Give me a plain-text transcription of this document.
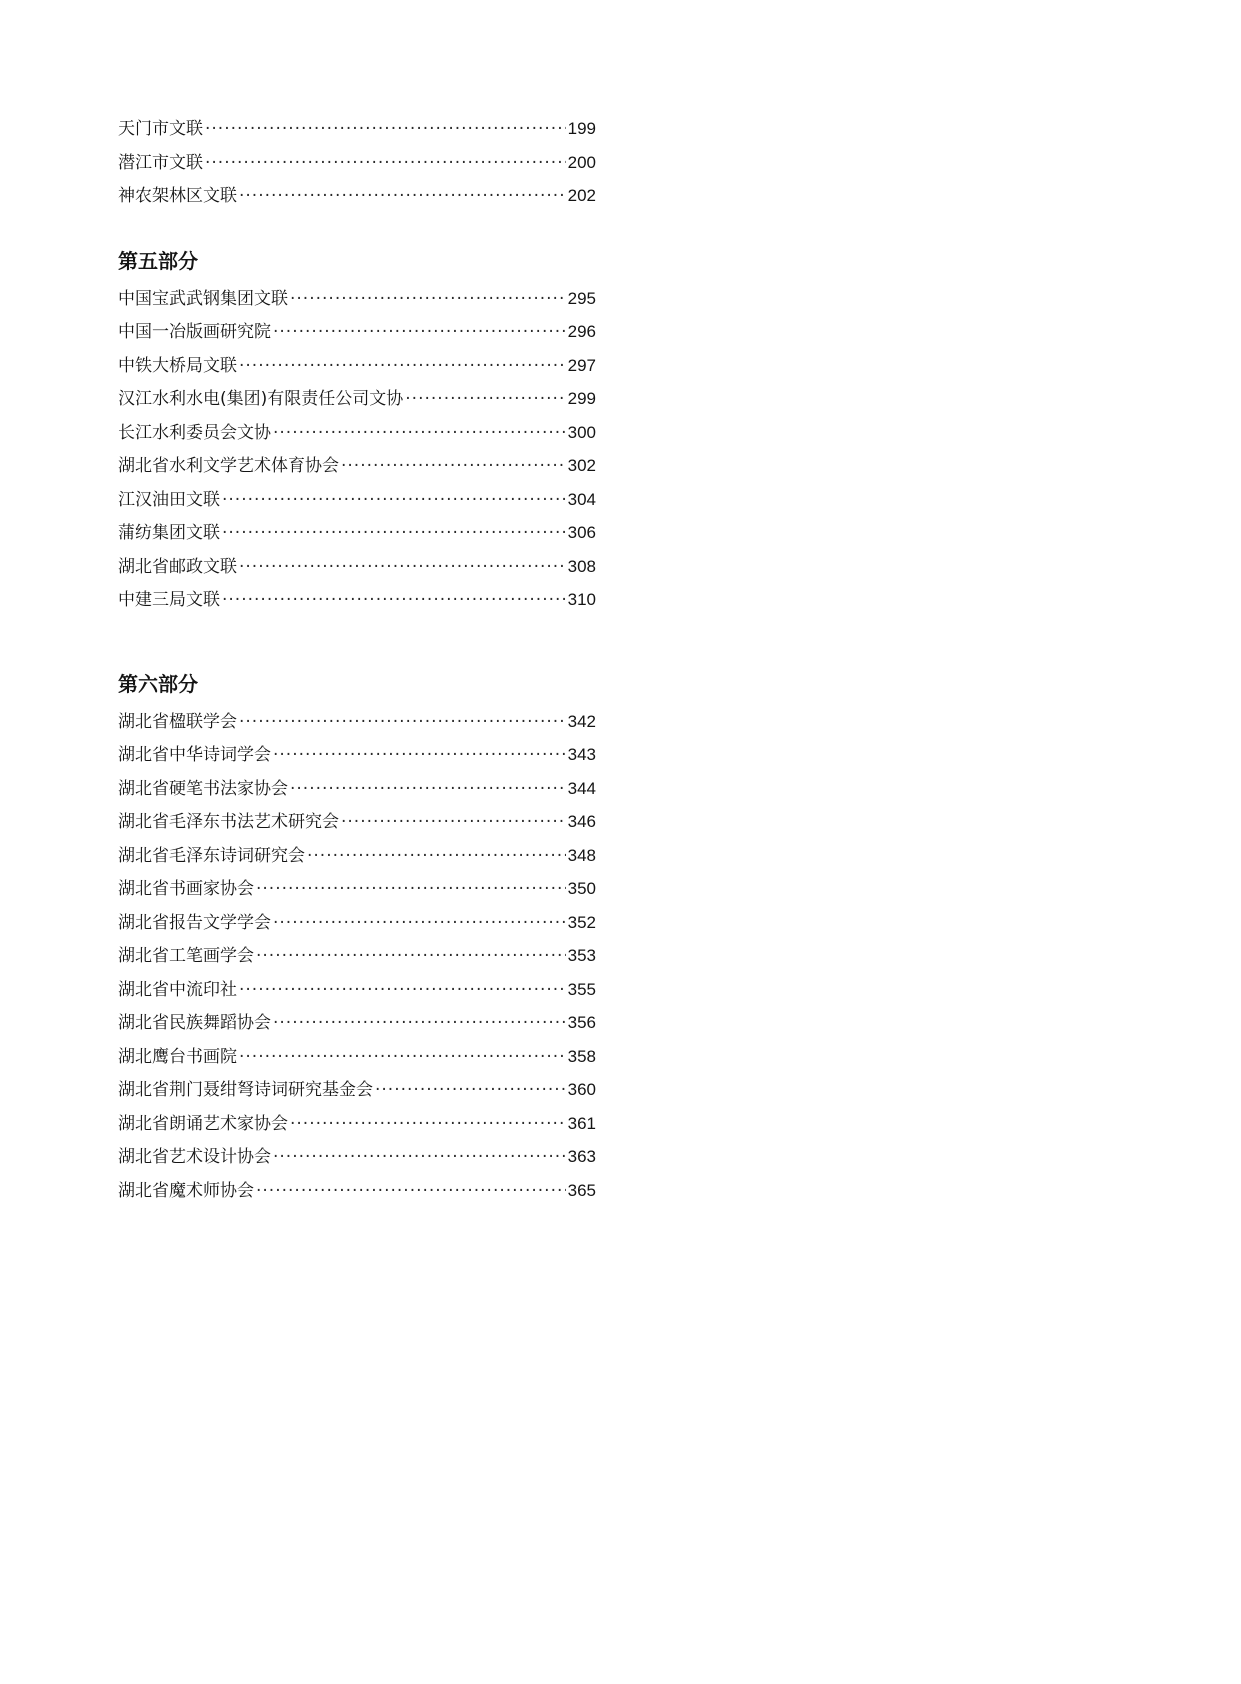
天门市文联 ·····	199
潜江市文联 ·····	200
神农架林区文联 ·····	202
第五部分
中国宝武武钢集团文联 ·····	295
中国一冶版画研究院 ·····	296
中铁大桥局文联 ·····	297
汉江水利水电(集团)有限责任公司文协 ·····	299
长江水利委员会文协 ·····	300
湖北省水利文学艺术体育协会 ·····	302
江汉油田文联 ·····	304
蒲纺集团文联 ·····	306
湖北省邮政文联 ·····	308
中建三局文联 ·····	310
第六部分
湖北省楹联学会 ·····	342
湖北省中华诗词学会 ·····	343
湖北省硬笔书法家协会 ·····	344
湖北省毛泽东书法艺术研究会 ·····	346
湖北省毛泽东诗词研究会 ·····	348
湖北省书画家协会 ·····	350
湖北省报告文学学会 ·····	352
湖北省工笔画学会 ·····	353
湖北省中流印社 ·····	355
湖北省民族舞蹈协会 ·····	356
湖北鹰台书画院 ·····	358
湖北省荆门聂绀弩诗词研究基金会 ·····	360
湖北省朗诵艺术家协会 ·····	361
湖北省艺术设计协会 ·····	363
湖北省魔术师协会 ·····	365
